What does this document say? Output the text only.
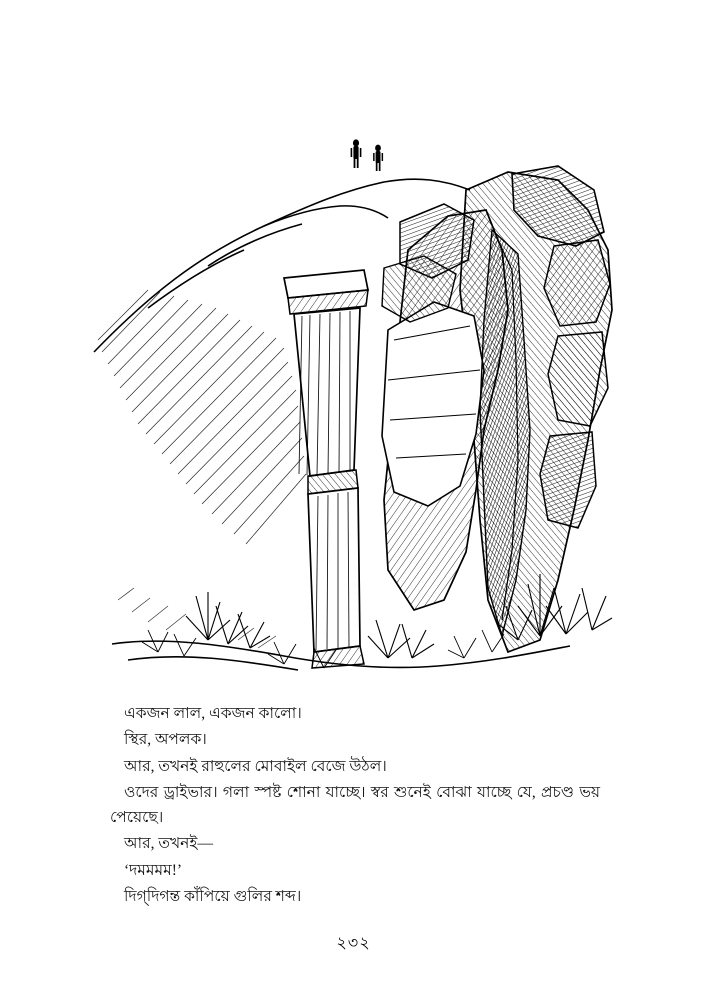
একজন লাল, একজন কালো।

স্থির, অপলক।

আর, তখনই রাহুলের মোবাইল বেজে উঠল।

ওদের ড্রাইভার। গলা স্পষ্ট শোনা যাচ্ছে। স্বর শুনেই বোঝা যাচ্ছে যে, প্রচণ্ড ভয় পেয়েছে।

আর, তখনই—

‘দমমমম!’

দিগ্‌দিগন্ত কাঁপিয়ে গুলির শব্দ।

২৩২
